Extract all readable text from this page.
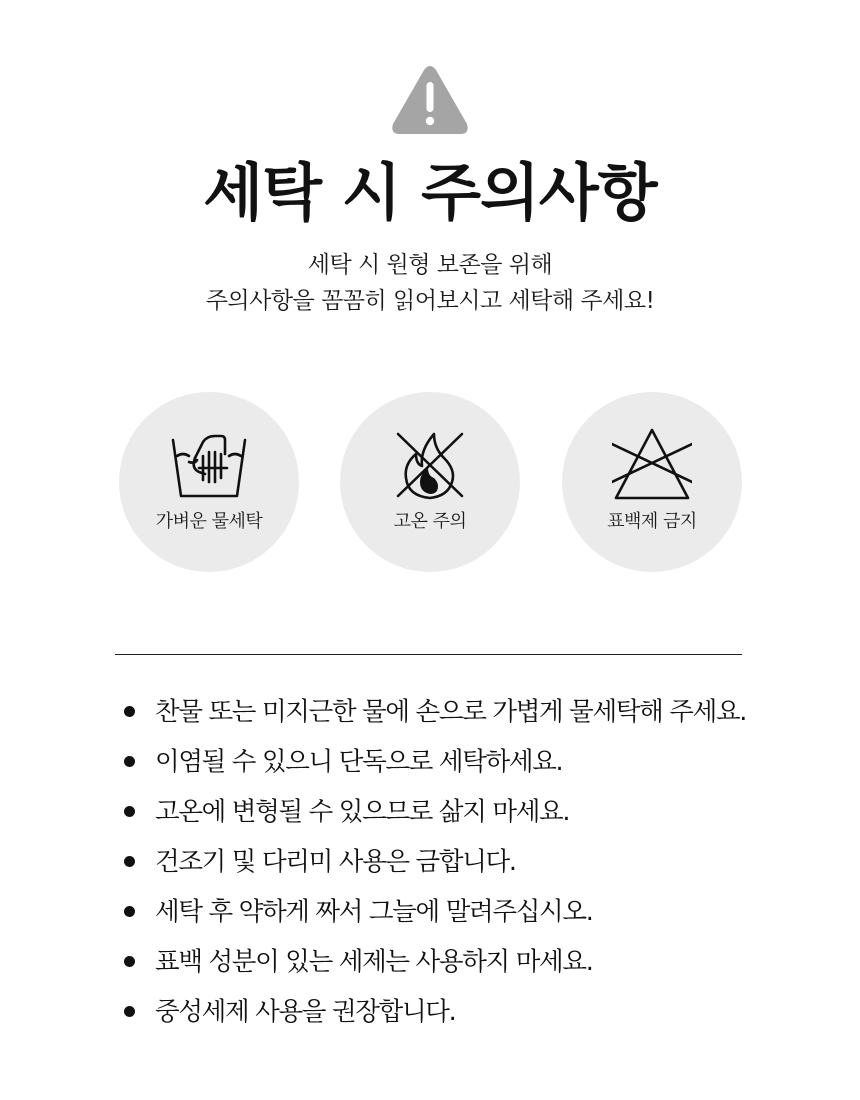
세탁 시 주의사항
세탁 시 원형 보존을 위해
주의사항을 꼼꼼히 읽어보시고 세탁해 주세요!
가벼운 물세탁	고온 주의	표백제 금지
찬물 또는 미지근한 물에 손으로 가볍게 물세탁해 주세요.
이염될 수 있으니 단독으로 세탁하세요.
고온에 변형될 수 있으므로 삶지 마세요.
건조기 및 다리미 사용은 금합니다.
세탁 후 약하게 짜서 그늘에 말려주십시오.
표백 성분이 있는 세제는 사용하지 마세요.
중성세제 사용을 권장합니다.
